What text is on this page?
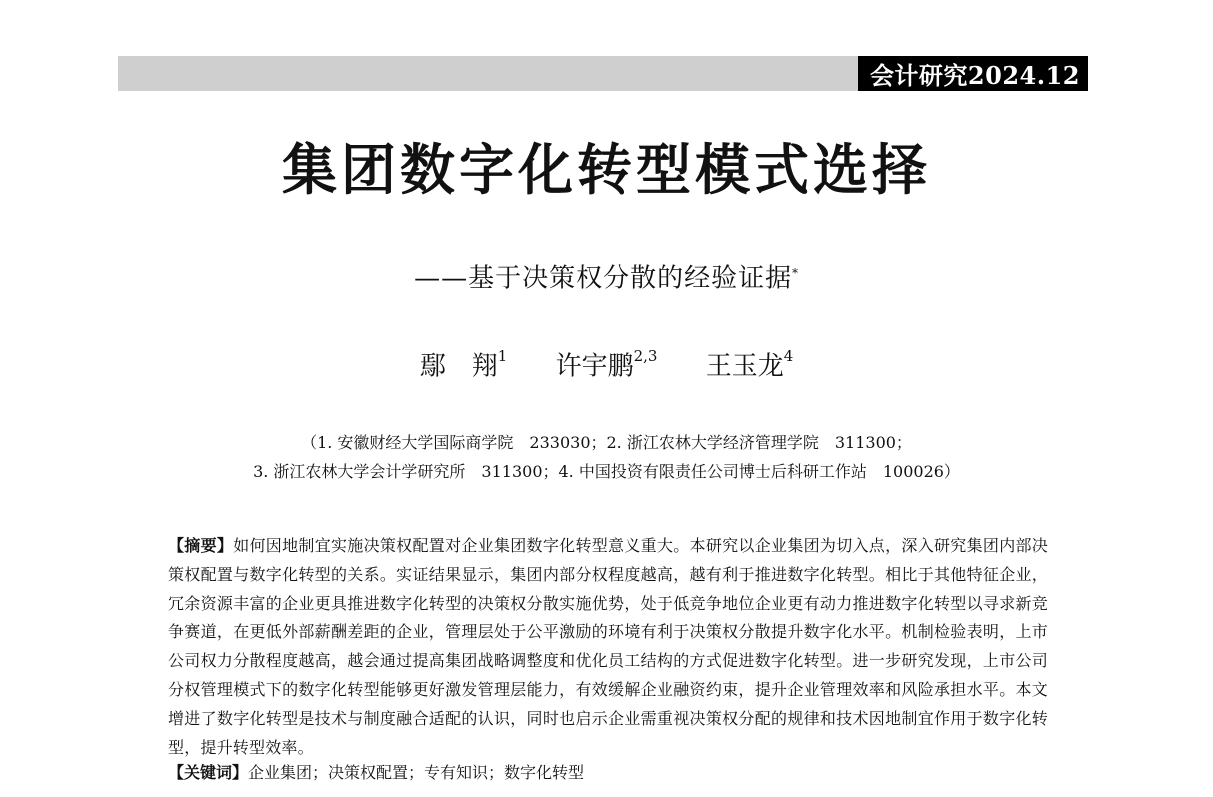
会计研究2024.12
集团数字化转型模式选择
——基于决策权分散的经验证据*
鄢　翔$^1$ 许宇鹏$^{2,3}$ 王玉龙$^4$
（1. 安徽财经大学国际商学院　233030；2. 浙江农林大学经济管理学院　311300；
3. 浙江农林大学会计学研究所　311300；4. 中国投资有限责任公司博士后科研工作站　100026）
【摘要】如何因地制宜实施决策权配置对企业集团数字化转型意义重大。本研究以企业集团为切入点，深入研究集团内部决策权配置与数字化转型的关系。实证结果显示，集团内部分权程度越高，越有利于推进数字化转型。相比于其他特征企业，冗余资源丰富的企业更具推进数字化转型的决策权分散实施优势，处于低竞争地位企业更有动力推进数字化转型以寻求新竞争赛道，在更低外部薪酬差距的企业，管理层处于公平激励的环境有利于决策权分散提升数字化水平。机制检验表明，上市公司权力分散程度越高，越会通过提高集团战略调整度和优化员工结构的方式促进数字化转型。进一步研究发现，上市公司分权管理模式下的数字化转型能够更好激发管理层能力，有效缓解企业融资约束，提升企业管理效率和风险承担水平。本文增进了数字化转型是技术与制度融合适配的认识，同时也启示企业需重视决策权分配的规律和技术因地制宜作用于数字化转型，提升转型效率。
【关键词】企业集团；决策权配置；专有知识；数字化转型
